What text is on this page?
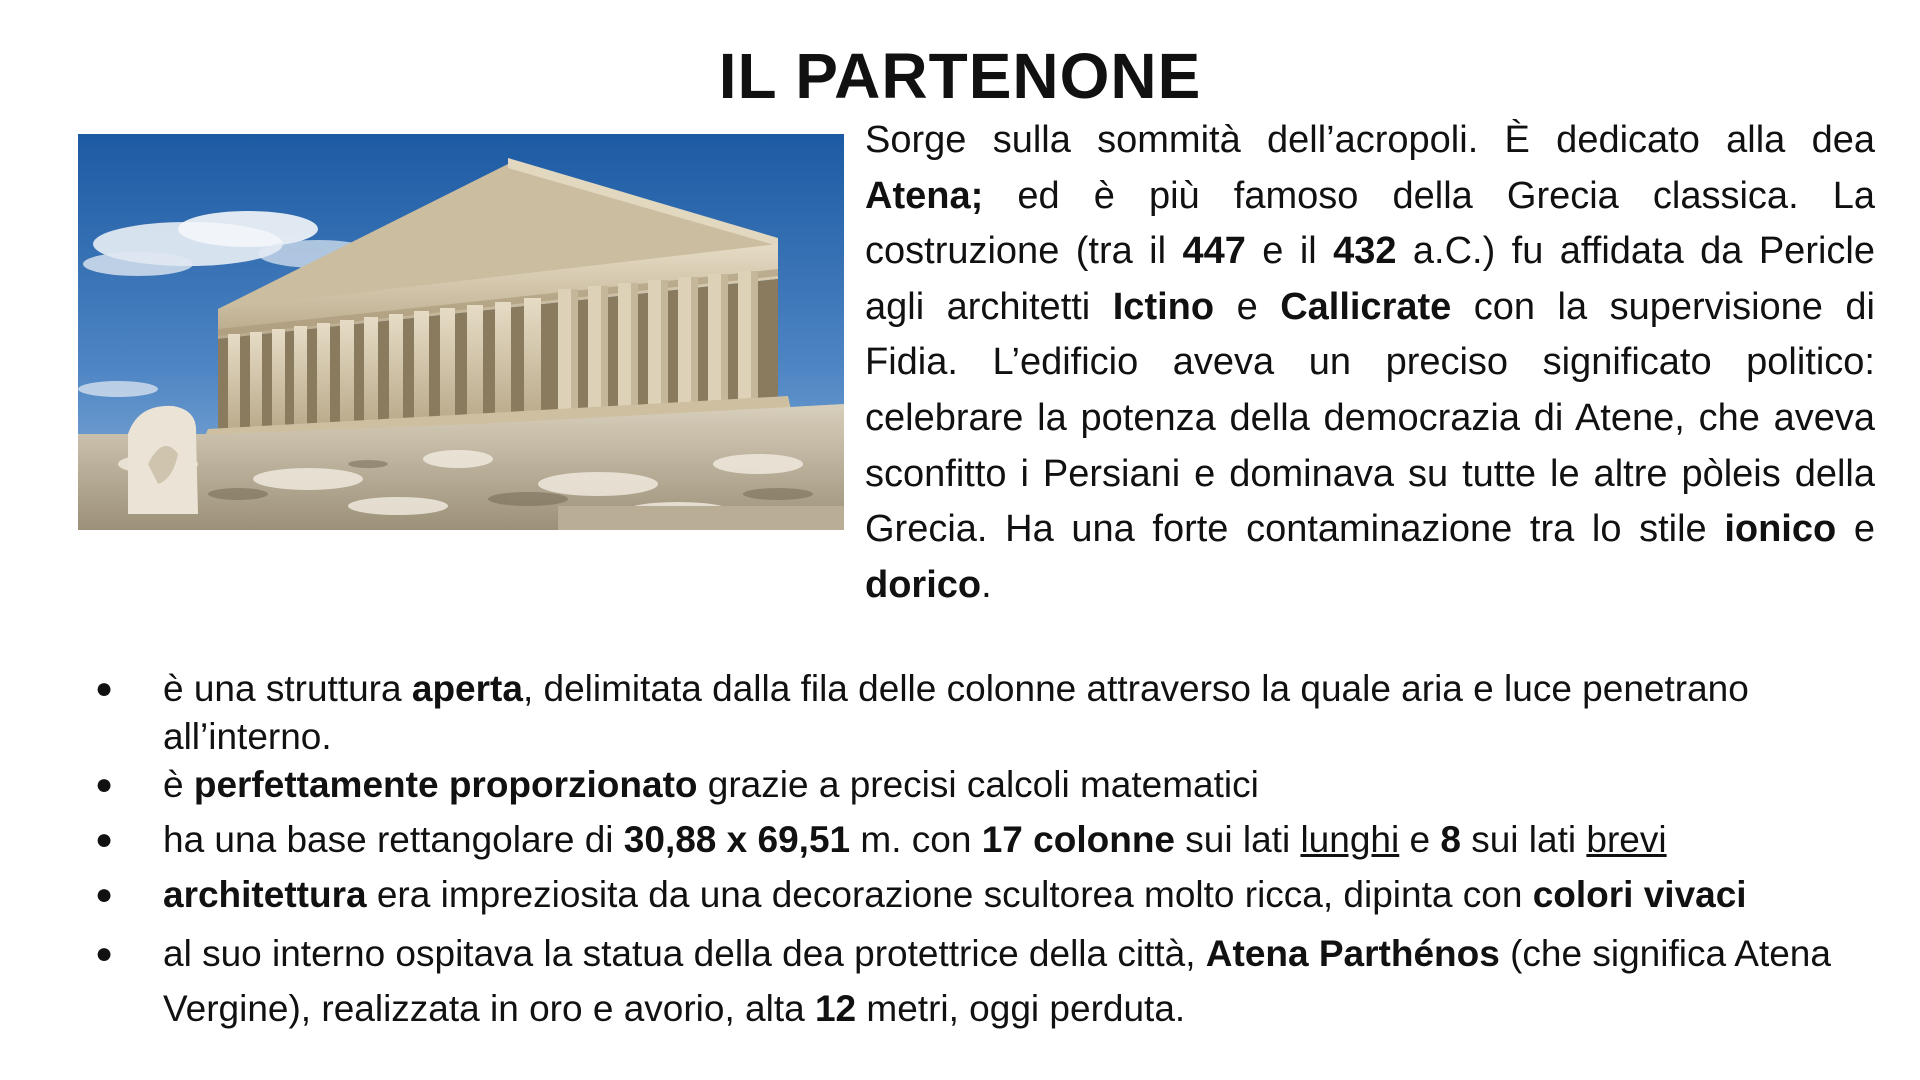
IL PARTENONE

Sorge sulla sommità dell’acropoli. È dedicato alla dea Atena; ed è più famoso della Grecia classica. La costruzione (tra il 447 e il 432 a.C.) fu affidata da Pericle agli architetti Ictino e Callicrate con la supervisione di Fidia. L’edificio aveva un preciso significato politico: celebrare la potenza della democrazia di Atene, che aveva sconfitto i Persiani e dominava su tutte le altre pòleis della Grecia. Ha una forte contaminazione tra lo stile ionico e dorico.

● è una struttura aperta, delimitata dalla fila delle colonne attraverso la quale aria e luce penetrano all’interno.
● è perfettamente proporzionato grazie a precisi calcoli matematici
● ha una base rettangolare di 30,88 x 69,51 m. con 17 colonne sui lati lunghi e 8 sui lati brevi
● architettura era impreziosita da una decorazione scultorea molto ricca, dipinta con colori vivaci
● al suo interno ospitava la statua della dea protettrice della città, Atena Parthénos (che significa Atena Vergine), realizzata in oro e avorio, alta 12 metri, oggi perduta.
